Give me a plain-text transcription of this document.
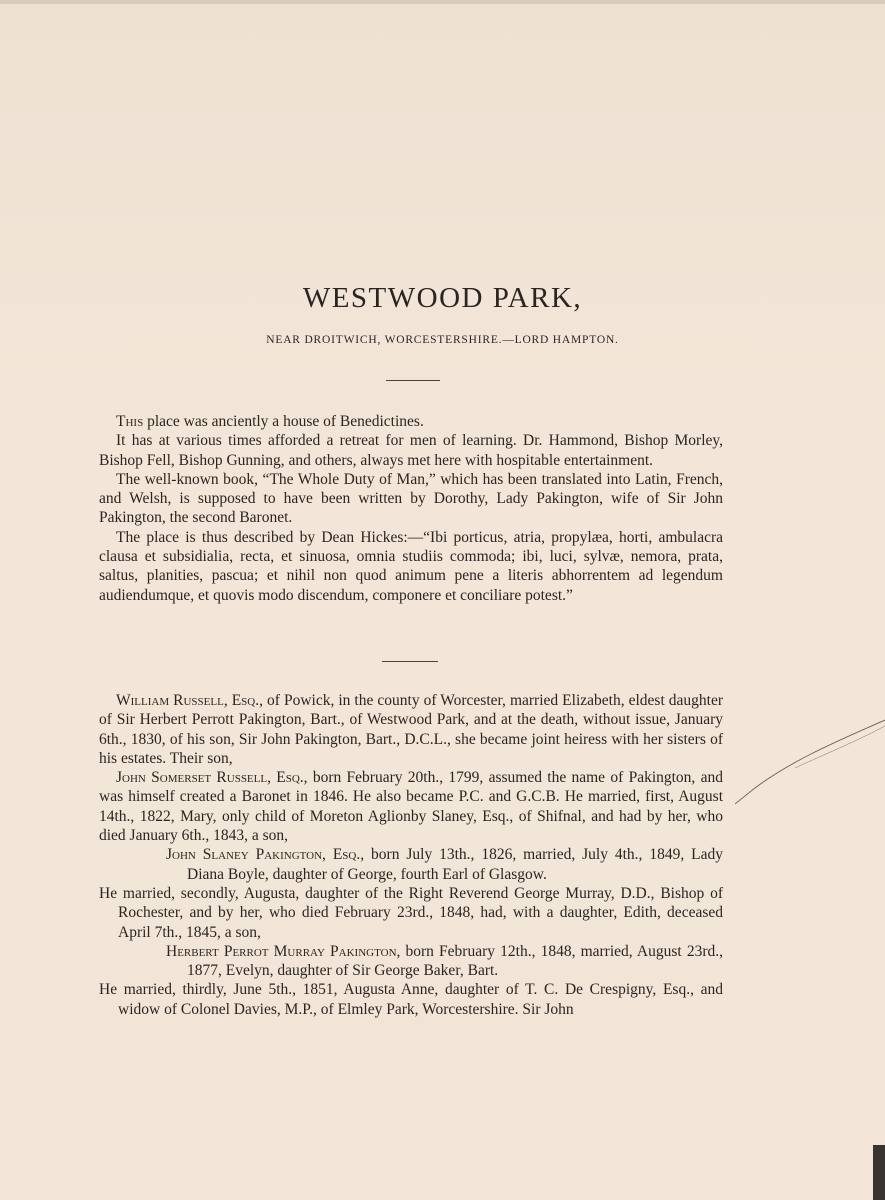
WESTWOOD PARK,
NEAR DROITWICH, WORCESTERSHIRE.—LORD HAMPTON.

This place was anciently a house of Benedictines.

It has at various times afforded a retreat for men of learning. Dr. Hammond, Bishop Morley, Bishop Fell, Bishop Gunning, and others, always met here with hospitable entertainment.

The well-known book, “The Whole Duty of Man,” which has been translated into Latin, French, and Welsh, is supposed to have been written by Dorothy, Lady Pakington, wife of Sir John Pakington, the second Baronet.

The place is thus described by Dean Hickes:—“Ibi porticus, atria, propylæa, horti, ambulacra clausa et subsidialia, recta, et sinuosa, omnia studiis commoda; ibi, luci, sylvæ, nemora, prata, saltus, planities, pascua; et nihil non quod animum pene a literis abhorrentem ad legendum audiendumque, et quovis modo discendum, componere et conciliare potest.”

William Russell, Esq., of Powick, in the county of Worcester, married Elizabeth, eldest daughter of Sir Herbert Perrott Pakington, Bart., of Westwood Park, and at the death, without issue, January 6th., 1830, of his son, Sir John Pakington, Bart., D.C.L., she became joint heiress with her sisters of his estates. Their son,

John Somerset Russell, Esq., born February 20th., 1799, assumed the name of Pakington, and was himself created a Baronet in 1846. He also became P.C. and G.C.B. He married, first, August 14th., 1822, Mary, only child of Moreton Aglionby Slaney, Esq., of Shifnal, and had by her, who died January 6th., 1843, a son,

John Slaney Pakington, Esq., born July 13th., 1826, married, July 4th., 1849, Lady Diana Boyle, daughter of George, fourth Earl of Glasgow.

He married, secondly, Augusta, daughter of the Right Reverend George Murray, D.D., Bishop of Rochester, and by her, who died February 23rd., 1848, had, with a daughter, Edith, deceased April 7th., 1845, a son,

Herbert Perrot Murray Pakington, born February 12th., 1848, married, August 23rd., 1877, Evelyn, daughter of Sir George Baker, Bart.

He married, thirdly, June 5th., 1851, Augusta Anne, daughter of T. C. De Crespigny, Esq., and widow of Colonel Davies, M.P., of Elmley Park, Worcestershire. Sir John
